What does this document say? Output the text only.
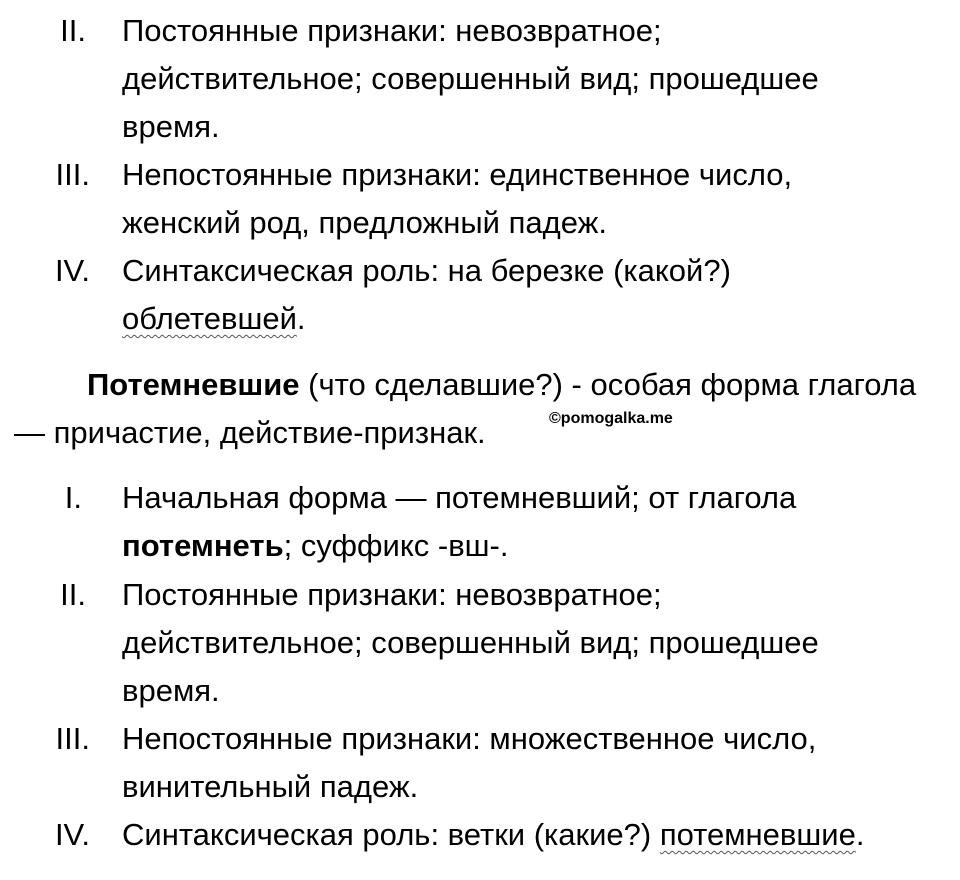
II. Постоянные признаки: невозвратное;
действительное; совершенный вид; прошедшее
время.
III. Непостоянные признаки: единственное число,
женский род, предложный падеж.
IV. Синтаксическая роль: на березке (какой?)
облетевшей.
Потемневшие (что сделавшие?) - особая форма глагола
— причастие, действие-признак.	©pomogalka.me
I. Начальная форма — потемневший; от глагола
потемнеть; суффикс -вш-.
II. Постоянные признаки: невозвратное;
действительное; совершенный вид; прошедшее
время.
III. Непостоянные признаки: множественное число,
винительный падеж.
IV. Синтаксическая роль: ветки (какие?) потемневшие.
